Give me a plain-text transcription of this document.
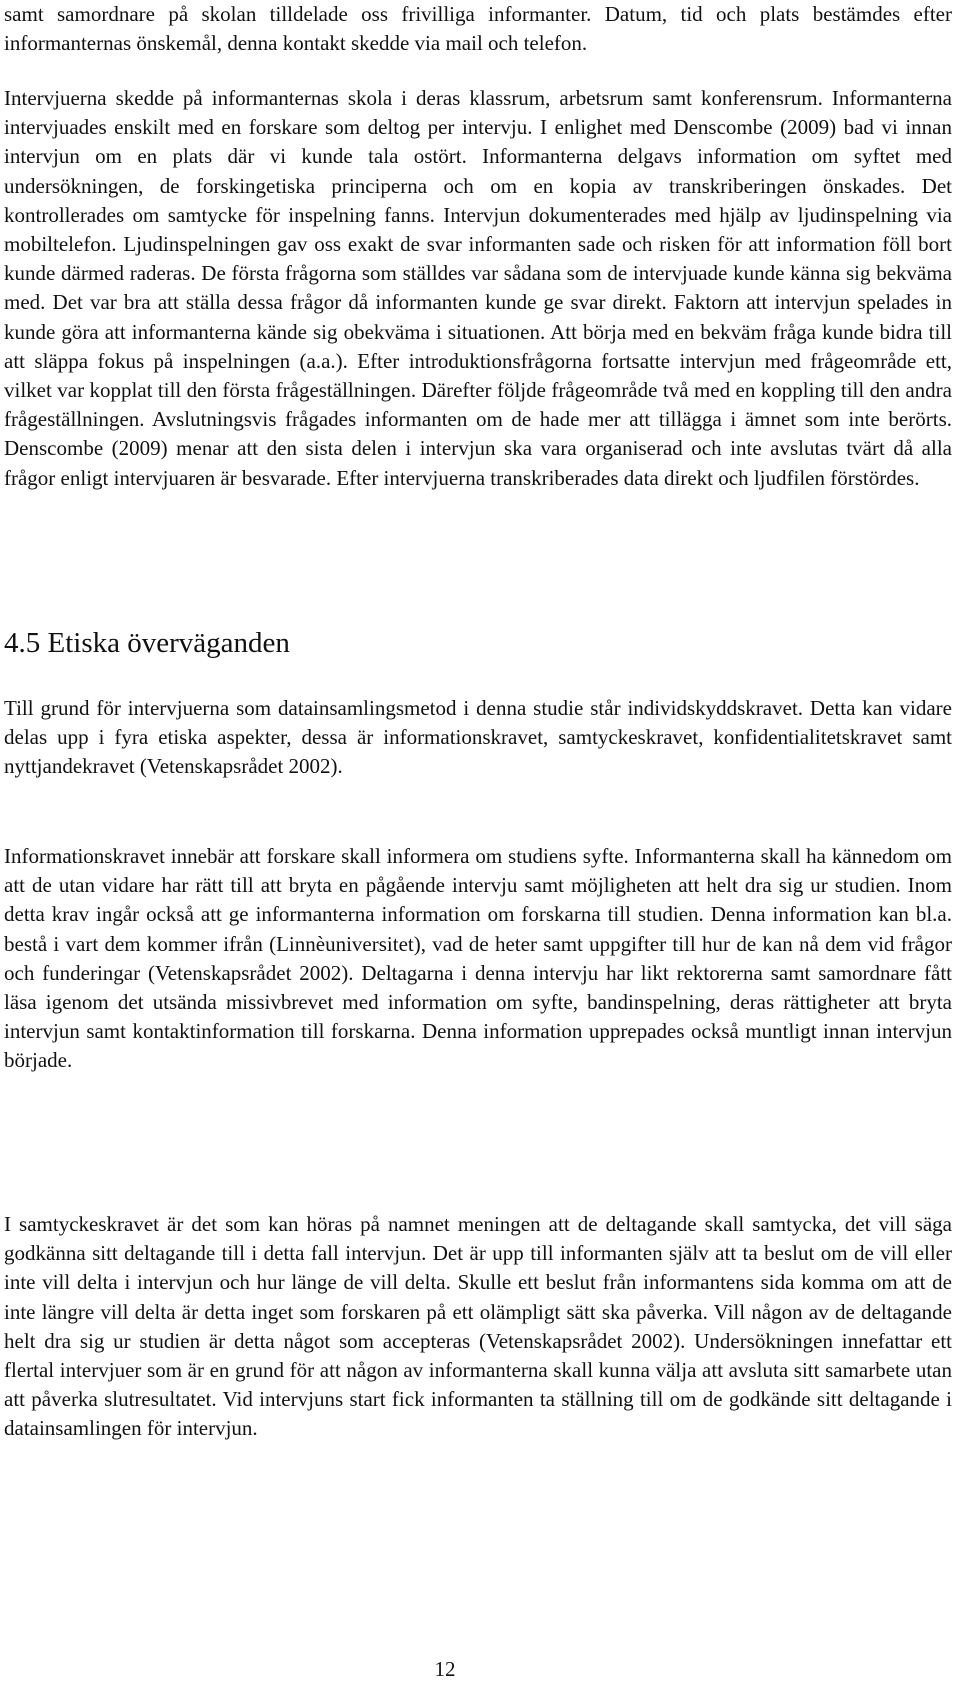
samt samordnare på skolan tilldelade oss frivilliga informanter. Datum, tid och plats bestämdes efter informanternas önskemål, denna kontakt skedde via mail och telefon.

Intervjuerna skedde på informanternas skola i deras klassrum, arbetsrum samt konferensrum. Informanterna intervjuades enskilt med en forskare som deltog per intervju. I enlighet med Denscombe (2009) bad vi innan intervjun om en plats där vi kunde tala ostört. Informanterna delgavs information om syftet med undersökningen, de forskingetiska principerna och om en kopia av transkriberingen önskades. Det kontrollerades om samtycke för inspelning fanns. Intervjun dokumenterades med hjälp av ljudinspelning via mobiltelefon. Ljudinspelningen gav oss exakt de svar informanten sade och risken för att information föll bort kunde därmed raderas. De första frågorna som ställdes var sådana som de intervjuade kunde känna sig bekväma med. Det var bra att ställa dessa frågor då informanten kunde ge svar direkt. Faktorn att intervjun spelades in kunde göra att informanterna kände sig obekväma i situationen. Att börja med en bekväm fråga kunde bidra till att släppa fokus på inspelningen (a.a.). Efter introduktionsfrågorna fortsatte intervjun med frågeområde ett, vilket var kopplat till den första frågeställningen. Därefter följde frågeområde två med en koppling till den andra frågeställningen. Avslutningsvis frågades informanten om de hade mer att tillägga i ämnet som inte berörts. Denscombe (2009) menar att den sista delen i intervjun ska vara organiserad och inte avslutas tvärt då alla frågor enligt intervjuaren är besvarade. Efter intervjuerna transkriberades data direkt och ljudfilen förstördes.

4.5 Etiska överväganden

Till grund för intervjuerna som datainsamlingsmetod i denna studie står individskyddskravet. Detta kan vidare delas upp i fyra etiska aspekter, dessa är informationskravet, samtyckeskravet, konfidentialitetskravet samt nyttjandekravet (Vetenskapsrådet 2002).

Informationskravet innebär att forskare skall informera om studiens syfte. Informanterna skall ha kännedom om att de utan vidare har rätt till att bryta en pågående intervju samt möjligheten att helt dra sig ur studien. Inom detta krav ingår också att ge informanterna information om forskarna till studien. Denna information kan bl.a. bestå i vart dem kommer ifrån (Linnèuniversitet), vad de heter samt uppgifter till hur de kan nå dem vid frågor och funderingar (Vetenskapsrådet 2002). Deltagarna i denna intervju har likt rektorerna samt samordnare fått läsa igenom det utsända missivbrevet med information om syfte, bandinspelning, deras rättigheter att bryta intervjun samt kontaktinformation till forskarna. Denna information upprepades också muntligt innan intervjun började.

I samtyckeskravet är det som kan höras på namnet meningen att de deltagande skall samtycka, det vill säga godkänna sitt deltagande till i detta fall intervjun. Det är upp till informanten själv att ta beslut om de vill eller inte vill delta i intervjun och hur länge de vill delta. Skulle ett beslut från informantens sida komma om att de inte längre vill delta är detta inget som forskaren på ett olämpligt sätt ska påverka. Vill någon av de deltagande helt dra sig ur studien är detta något som accepteras (Vetenskapsrådet 2002). Undersökningen innefattar ett flertal intervjuer som är en grund för att någon av informanterna skall kunna välja att avsluta sitt samarbete utan att påverka slutresultatet. Vid intervjuns start fick informanten ta ställning till om de godkände sitt deltagande i datainsamlingen för intervjun.

12
